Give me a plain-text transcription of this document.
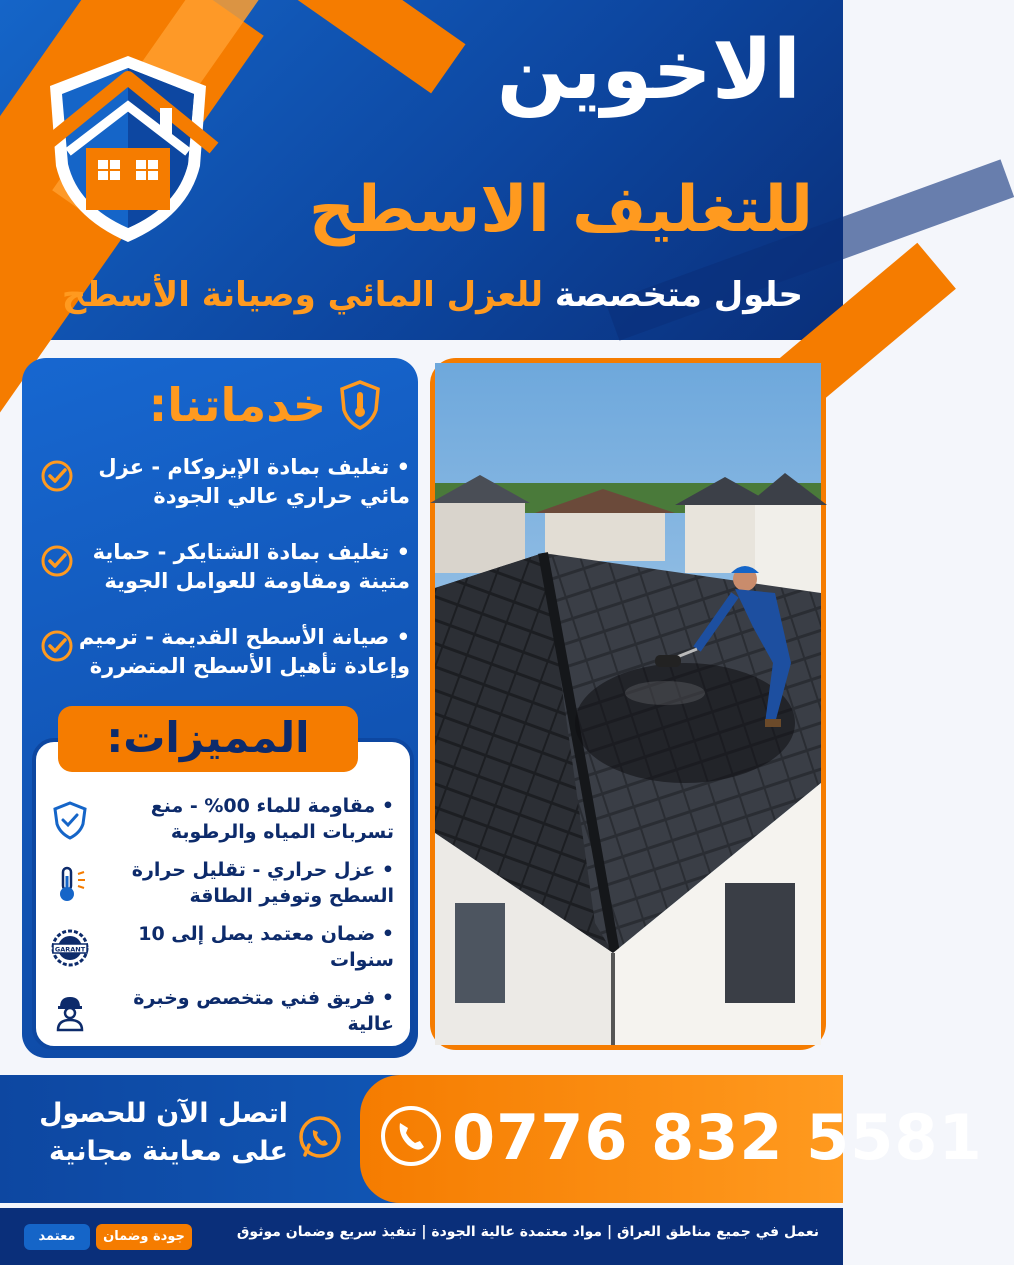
الاخوين
للتغليف الاسطح
حلول متخصصة للعزل المائي وصيانة الأسطح
خدماتنا:
• تغليف بمادة الإيزوكام - عزل مائي حراري عالي الجودة
• تغليف بمادة الشتايكر - حماية متينة ومقاومة للعوامل الجوية
• صيانة الأسطح القديمة - ترميم وإعادة تأهيل الأسطح المتضررة
• مقاومة للماء 00% - منع تسربات المياه والرطوبة
• عزل حراري - تقليل حرارة السطح وتوفير الطاقة
GARANT
• ضمان معتمد يصل إلى 10 سنوات
• فريق فني متخصص وخبرة عالية
المميزات:
اتصل الآن للحصول على معاينة مجانية	0776 832 5581
معتمد	جودة وضمان	نعمل في جميع مناطق العراق | مواد معتمدة عالية الجودة | تنفيذ سريع وضمان موثوق
